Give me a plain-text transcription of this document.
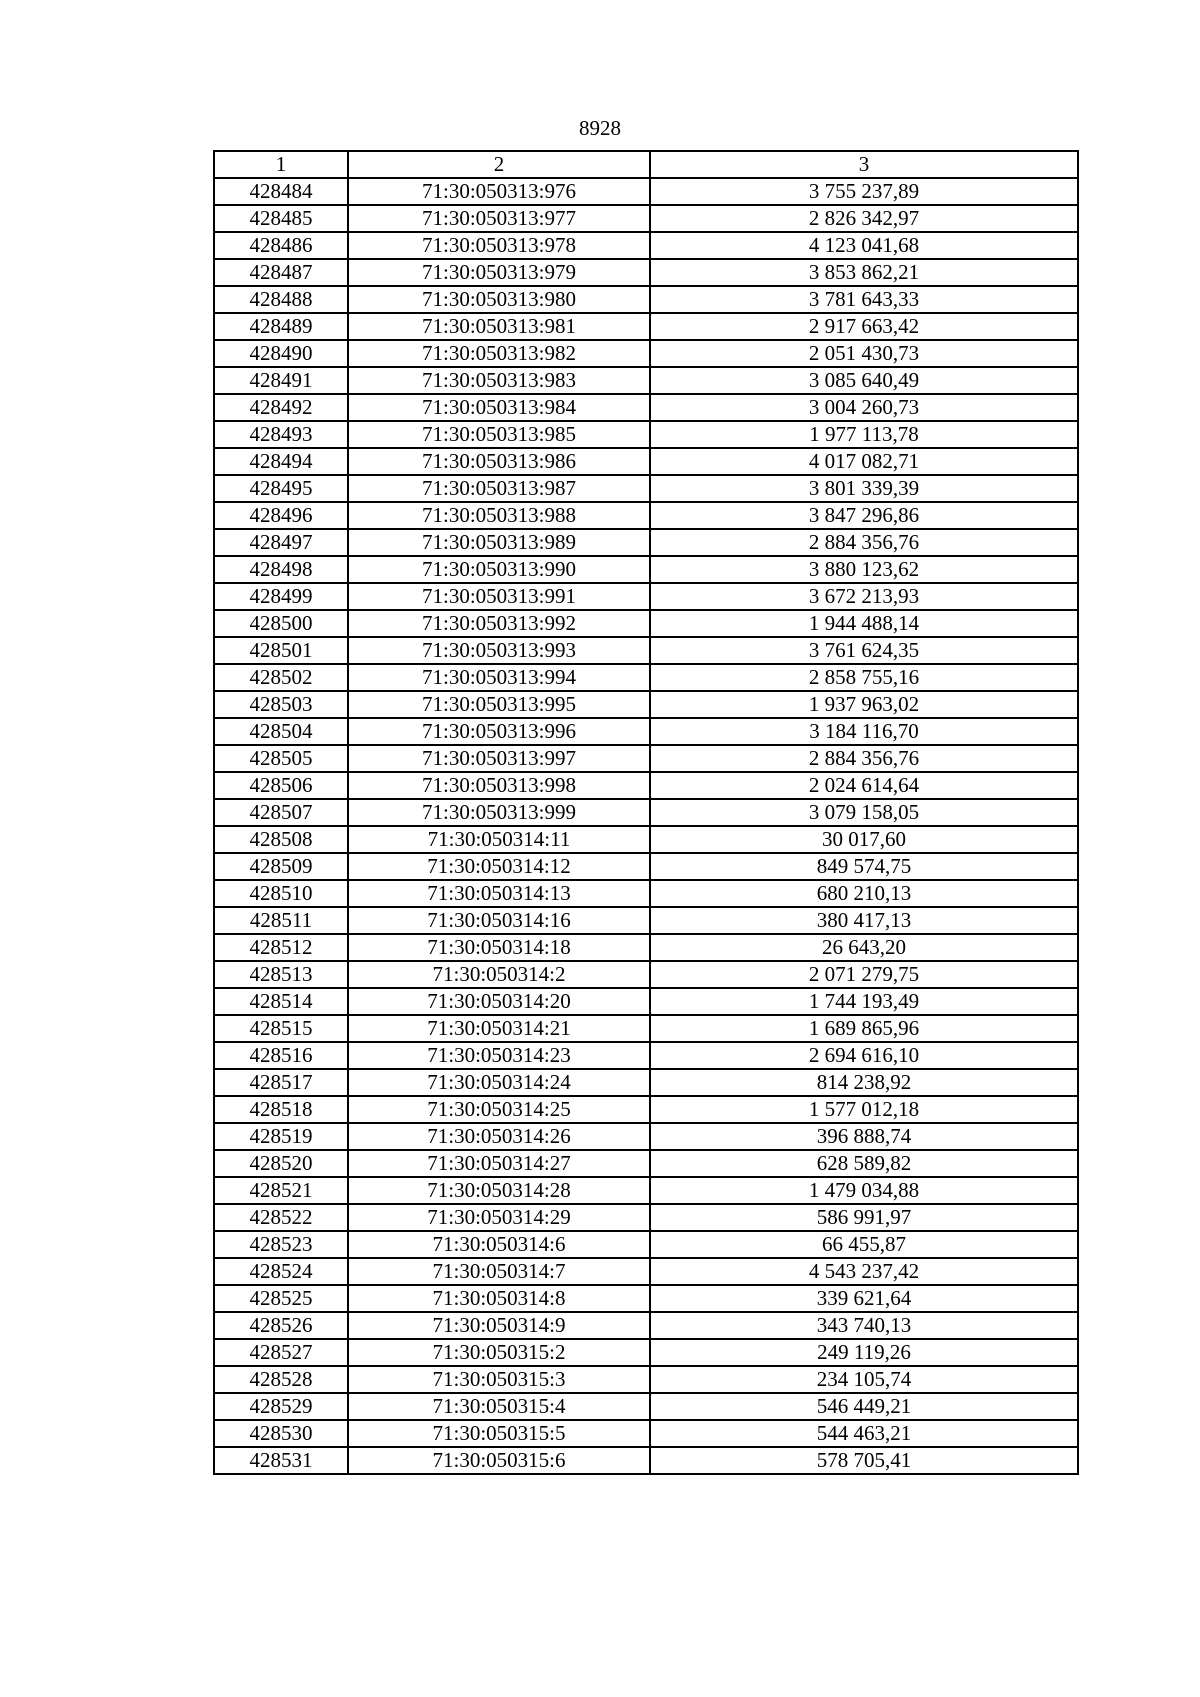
8928
1	2	3
428484	71:30:050313:976	3 755 237,89
428485	71:30:050313:977	2 826 342,97
428486	71:30:050313:978	4 123 041,68
428487	71:30:050313:979	3 853 862,21
428488	71:30:050313:980	3 781 643,33
428489	71:30:050313:981	2 917 663,42
428490	71:30:050313:982	2 051 430,73
428491	71:30:050313:983	3 085 640,49
428492	71:30:050313:984	3 004 260,73
428493	71:30:050313:985	1 977 113,78
428494	71:30:050313:986	4 017 082,71
428495	71:30:050313:987	3 801 339,39
428496	71:30:050313:988	3 847 296,86
428497	71:30:050313:989	2 884 356,76
428498	71:30:050313:990	3 880 123,62
428499	71:30:050313:991	3 672 213,93
428500	71:30:050313:992	1 944 488,14
428501	71:30:050313:993	3 761 624,35
428502	71:30:050313:994	2 858 755,16
428503	71:30:050313:995	1 937 963,02
428504	71:30:050313:996	3 184 116,70
428505	71:30:050313:997	2 884 356,76
428506	71:30:050313:998	2 024 614,64
428507	71:30:050313:999	3 079 158,05
428508	71:30:050314:11	30 017,60
428509	71:30:050314:12	849 574,75
428510	71:30:050314:13	680 210,13
428511	71:30:050314:16	380 417,13
428512	71:30:050314:18	26 643,20
428513	71:30:050314:2	2 071 279,75
428514	71:30:050314:20	1 744 193,49
428515	71:30:050314:21	1 689 865,96
428516	71:30:050314:23	2 694 616,10
428517	71:30:050314:24	814 238,92
428518	71:30:050314:25	1 577 012,18
428519	71:30:050314:26	396 888,74
428520	71:30:050314:27	628 589,82
428521	71:30:050314:28	1 479 034,88
428522	71:30:050314:29	586 991,97
428523	71:30:050314:6	66 455,87
428524	71:30:050314:7	4 543 237,42
428525	71:30:050314:8	339 621,64
428526	71:30:050314:9	343 740,13
428527	71:30:050315:2	249 119,26
428528	71:30:050315:3	234 105,74
428529	71:30:050315:4	546 449,21
428530	71:30:050315:5	544 463,21
428531	71:30:050315:6	578 705,41
